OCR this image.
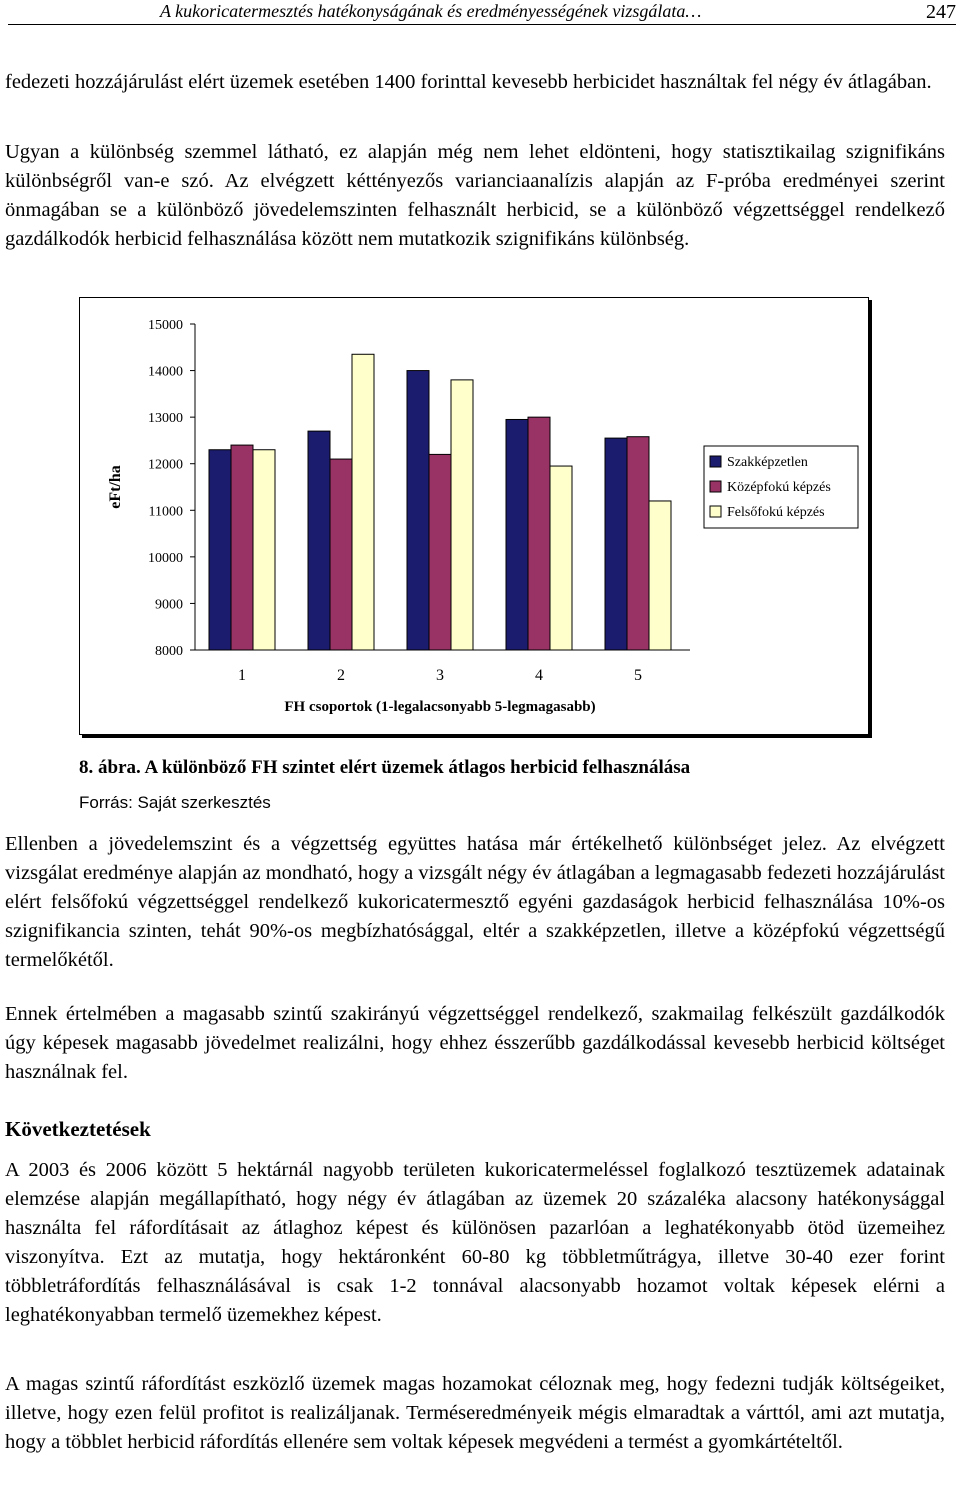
A kukoricatermesztés hatékonyságának és eredményességének vizsgálata…	247

fedezeti hozzájárulást elért üzemek esetében 1400 forinttal kevesebb herbicidet használtak fel négy év átlagában.

Ugyan a különbség szemmel látható, ez alapján még nem lehet eldönteni, hogy statisztikailag szignifikáns különbségről van-e szó. Az elvégzett kéttényezős varianciaanalízis alapján az F-próba eredményei szerint önmagában se a különböző jövedelemszinten felhasznált herbicid, se a különböző végzettséggel rendelkező gazdálkodók herbicid felhasználása között nem mutatkozik szignifikáns különbség.

15000
14000
13000
12000
11000
10000
9000
8000
1	2	3	4	5
eFt/ha
FH csoportok (1-legalacsonyabb 5-legmagasabb)
Szakképzetlen
Középfokú képzés
Felsőfokú képzés
8. ábra. A különböző FH szintet elért üzemek átlagos herbicid felhasználása
Forrás: Saját szerkesztés

Ellenben a jövedelemszint és a végzettség együttes hatása már értékelhető különbséget jelez. Az elvégzett vizsgálat eredménye alapján az mondható, hogy a vizsgált négy év átlagában a legmagasabb fedezeti hozzájárulást elért felsőfokú végzettséggel rendelkező kukoricatermesztő egyéni gazdaságok herbicid felhasználása 10%-os szignifikancia szinten, tehát 90%-os megbízhatósággal, eltér a szakképzetlen, illetve a középfokú végzettségű termelőkétől.

Ennek értelmében a magasabb szintű szakirányú végzettséggel rendelkező, szakmailag felkészült gazdálkodók úgy képesek magasabb jövedelmet realizálni, hogy ehhez ésszerűbb gazdálkodással kevesebb herbicid költséget használnak fel.

Következtetések

A 2003 és 2006 között 5 hektárnál nagyobb területen kukoricatermeléssel foglalkozó tesztüzemek adatainak elemzése alapján megállapítható, hogy négy év átlagában az üzemek 20 százaléka alacsony hatékonysággal használta fel ráfordításait az átlaghoz képest és különösen pazarlóan a leghatékonyabb ötöd üzemeihez viszonyítva. Ezt az mutatja, hogy hektáronként 60-80 kg többletműtrágya, illetve 30-40 ezer forint többletráfordítás felhasználásával is csak 1-2 tonnával alacsonyabb hozamot voltak képesek elérni a leghatékonyabban termelő üzemekhez képest.

A magas szintű ráfordítást eszközlő üzemek magas hozamokat céloznak meg, hogy fedezni tudják költségeiket, illetve, hogy ezen felül profitot is realizáljanak. Terméseredményeik mégis elmaradtak a várttól, ami azt mutatja, hogy a többlet herbicid ráfordítás ellenére sem voltak képesek megvédeni a termést a gyomkártételtől.
